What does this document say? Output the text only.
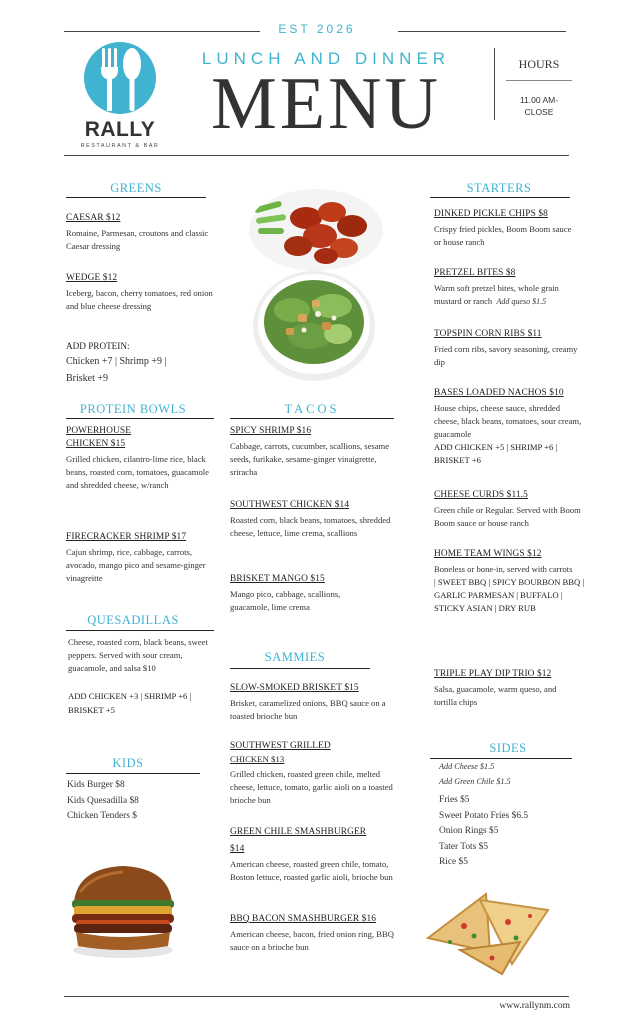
EST 2026
RALLY
RESTAURANT & BAR
LUNCH AND DINNER
MENU	HOURS
11.00 AM-
CLOSE
GREENS
CAESAR $12
Romaine, Parmesan, croutons and classic Caesar dressing
WEDGE $12
Iceberg, bacon, cherry tomatoes, red onion and blue cheese dressing
ADD PROTEIN:
Chicken +7 | Shrimp +9 |
Brisket +9
PROTEIN BOWLS
POWERHOUSE
CHICKEN $15
Grilled chicken, cilantro-lime rice, black beans, roasted corn, tomatoes, guacamole and shredded cheese, w/ranch
FIRECRACKER SHRIMP $17
Cajun shrimp, rice, cabbage, carrots, avocado, mango pico and sesame-ginger vinagreitte
QUESADILLAS
Cheese, roasted corn, black beans, sweet peppers. Served with sour cream, guacamole, and salsa $10
ADD CHICKEN +3 | SHRIMP +6 |
BRISKET +5
KIDS
Kids Burger $8
Kids Quesadilla $8
Chicken Tenders $
TACOS
SPICY SHRIMP $16
Cabbage, carrots, cucumber, scallions, sesame seeds, furikake, sesame-ginger vinaigrette, sriracha
SOUTHWEST CHICKEN $14
Roasted corn, black beans, tomatoes, shredded cheese, lettuce, lime crema, scallions
BRISKET MANGO $15
Mango pico, cabbage, scallions, guacamole, lime crema
SAMMIES
SLOW-SMOKED BRISKET $15
Brisket, caramelized onions, BBQ sauce on a toasted brioche bun
SOUTHWEST GRILLED
CHICKEN $13
Grilled chicken, roasted green chile, melted cheese, lettuce, tomato, garlic aioli on a toasted brioche bun
GREEN CHILE SMASHBURGER
$14
American cheese, roasted green chile, tomato, Boston lettuce, roasted garlic aioli, brioche bun
BBQ BACON SMASHBURGER $16
American cheese, bacon, fried onion ring, BBQ sauce on a brioche bun
STARTERS
DINKED PICKLE CHIPS $8
Crispy fried pickles, Boom Boom sauce or house ranch
PRETZEL BITES $8
Warm soft pretzel bites, whole grain mustard or ranch Add queso $1.5
TOPSPIN CORN RIBS $11
Fried corn ribs, savory seasoning, creamy dip
BASES LOADED NACHOS $10
House chips, cheese sauce, shredded cheese, black beans, tomatoes, sour cream, guacamole
ADD CHICKEN +5 | SHRIMP +6 |
BRISKET +6
CHEESE CURDS $11.5
Green chile or Regular. Served with Boom Boom sauce or house ranch
HOME TEAM WINGS $12
Boneless or bone-in, served with carrots
| SWEET BBQ | SPICY BOURBON BBQ | GARLIC PARMESAN | BUFFALO | STICKY ASIAN | DRY RUB
TRIPLE PLAY DIP TRIO $12
Salsa, guacamole, warm queso, and tortilla chips
SIDES
Add Cheese $1.5
Add Green Chile $1.5
Fries $5
Sweet Potato Fries $6.5
Onion Rings $5
Tater Tots $5
Rice $5
www.rallynm.com
